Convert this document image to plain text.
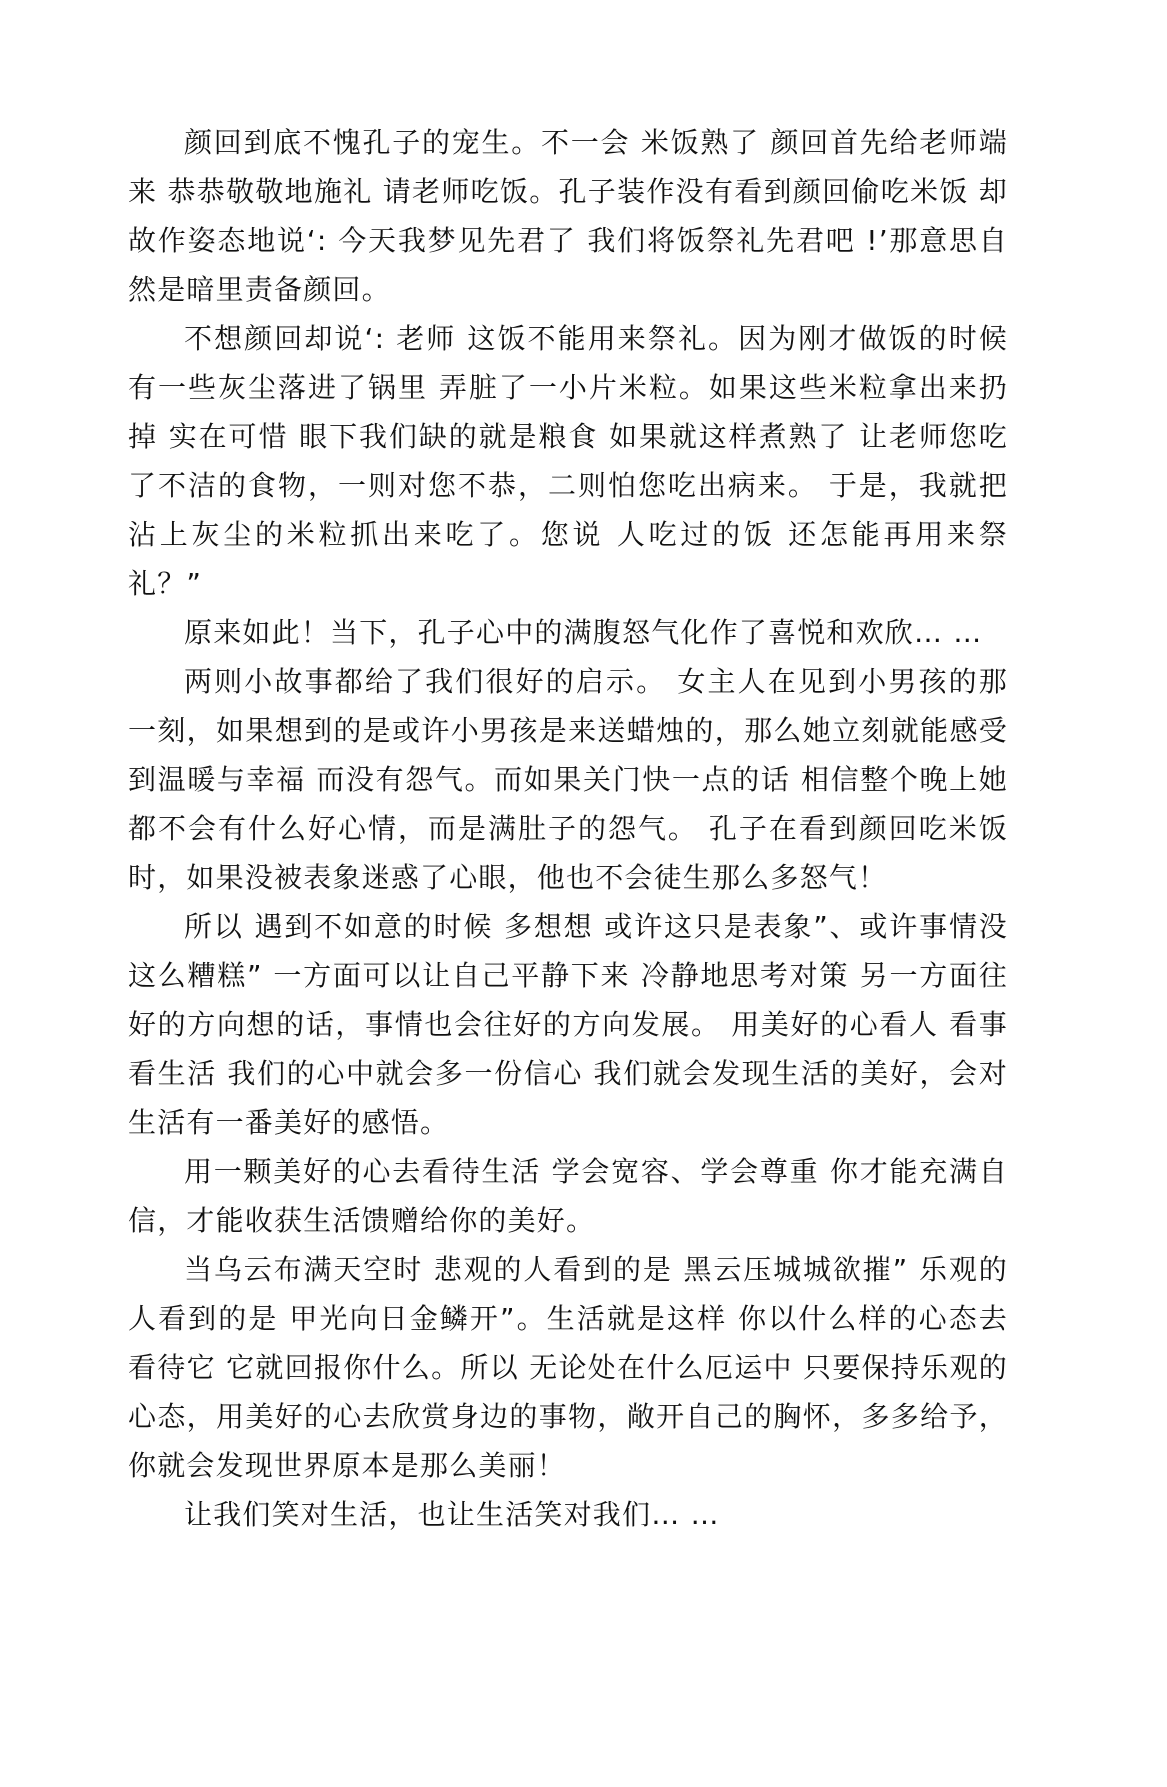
颜回到底不愧孔子的宠生。不一会 米饭熟了 颜回首先给老师端来 恭恭敬敬地施礼 请老师吃饭。孔子装作没有看到颜回偷吃米饭 却故作姿态地说‘: 今天我梦见先君了 我们将饭祭礼先君吧 !’那意思自然是暗里责备颜回。

不想颜回却说‘: 老师 这饭不能用来祭礼。因为刚才做饭的时候 有一些灰尘落进了锅里 弄脏了一小片米粒。如果这些米粒拿出来扔掉 实在可惜 眼下我们缺的就是粮食 如果就这样煮熟了 让老师您吃了不洁的食物，一则对您不恭，二则怕您吃出病来。 于是，我就把沾上灰尘的米粒抓出来吃了。您说 人吃过的饭 还怎能再用来祭礼？”

原来如此！当下，孔子心中的满腹怒气化作了喜悦和欢欣… …

两则小故事都给了我们很好的启示。 女主人在见到小男孩的那一刻，如果想到的是或许小男孩是来送蜡烛的，那么她立刻就能感受到温暖与幸福 而没有怨气。而如果关门快一点的话 相信整个晚上她都不会有什么好心情，而是满肚子的怨气。 孔子在看到颜回吃米饭时，如果没被表象迷惑了心眼，他也不会徒生那么多怒气！

所以 遇到不如意的时候 多想想 或许这只是表象”、或许事情没这么糟糕” 一方面可以让自己平静下来 冷静地思考对策 另一方面往好的方向想的话，事情也会往好的方向发展。 用美好的心看人 看事 看生活 我们的心中就会多一份信心 我们就会发现生活的美好，会对生活有一番美好的感悟。

用一颗美好的心去看待生活 学会宽容、学会尊重 你才能充满自信，才能收获生活馈赠给你的美好。

当乌云布满天空时 悲观的人看到的是 黑云压城城欲摧” 乐观的人看到的是 甲光向日金鳞开”。生活就是这样 你以什么样的心态去看待它 它就回报你什么。所以 无论处在什么厄运中 只要保持乐观的心态，用美好的心去欣赏身边的事物，敞开自己的胸怀，多多给予，你就会发现世界原本是那么美丽！

让我们笑对生活，也让生活笑对我们… …
